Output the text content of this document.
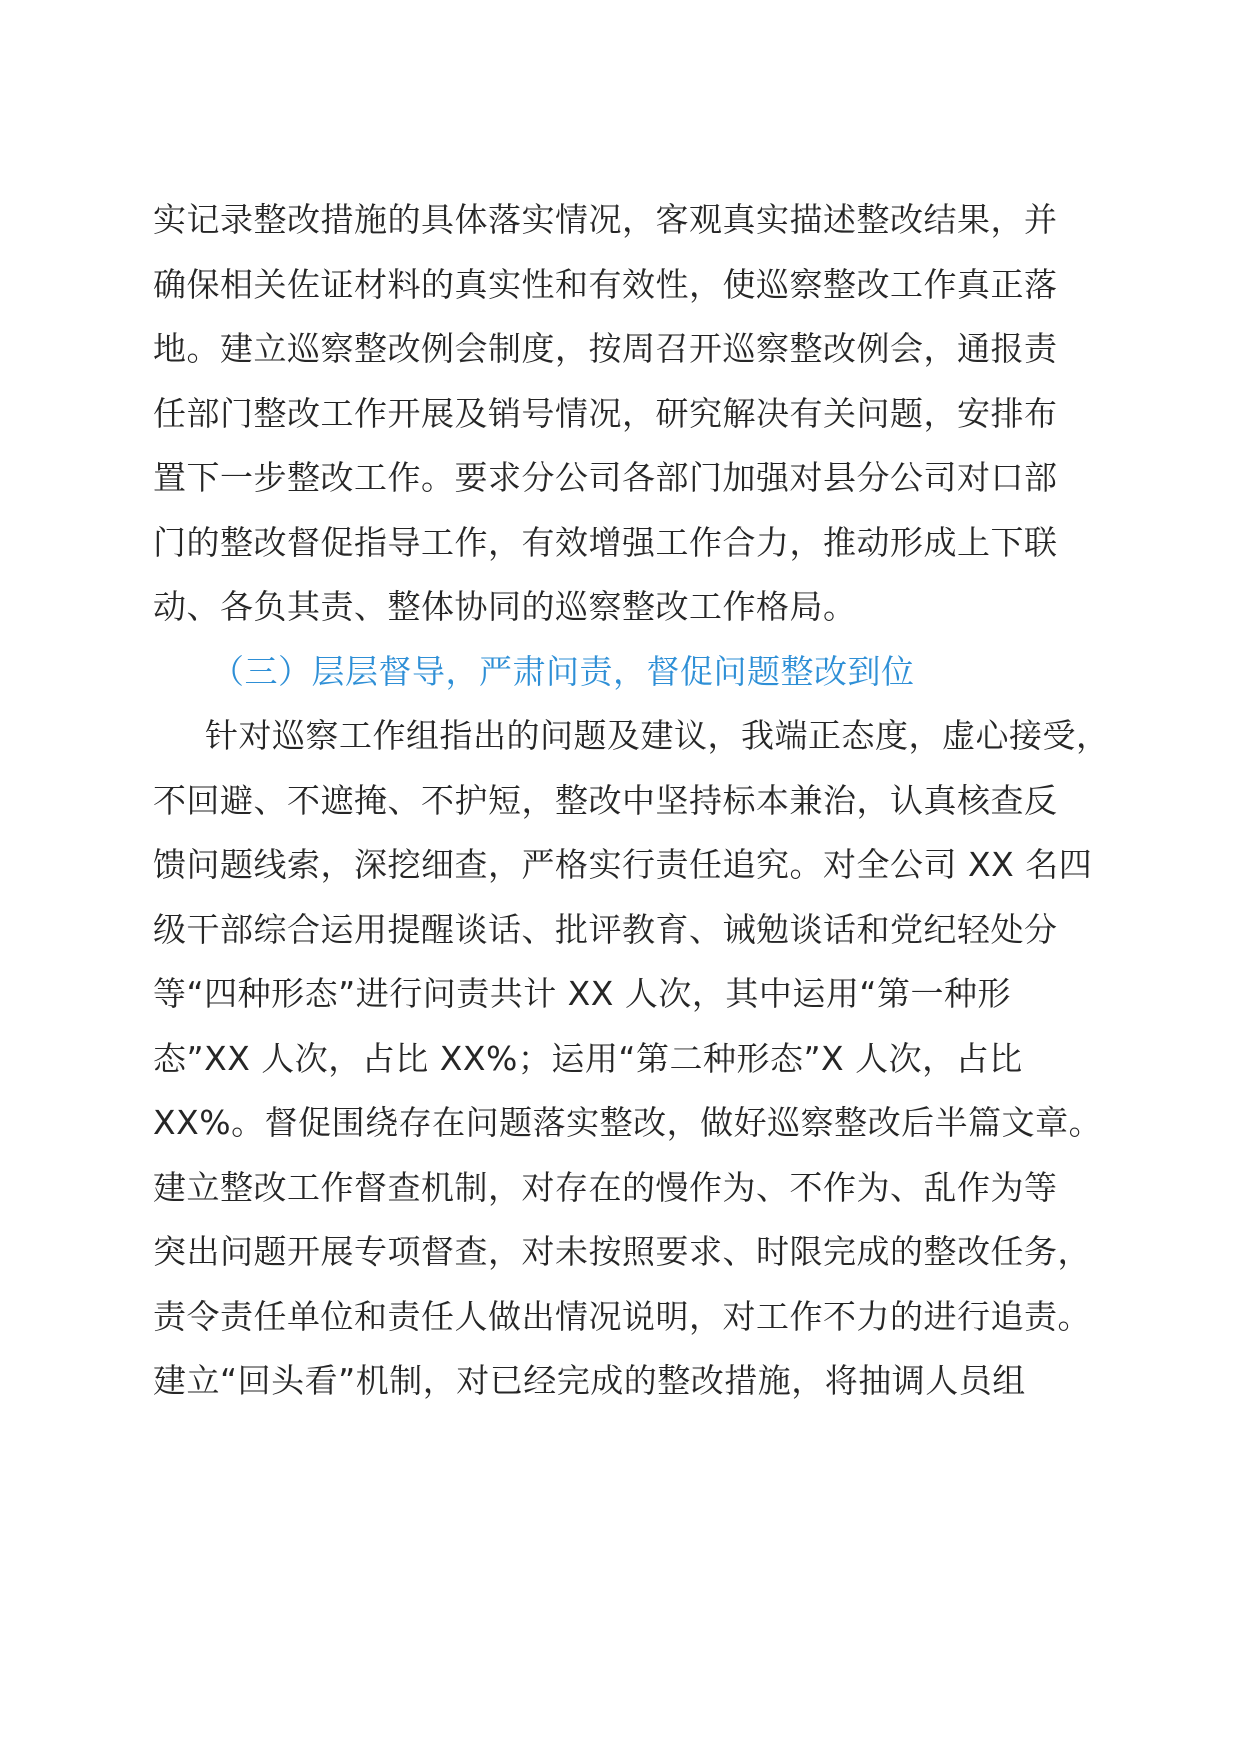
实记录整改措施的具体落实情况，客观真实描述整改结果，并
确保相关佐证材料的真实性和有效性，使巡察整改工作真正落
地。建立巡察整改例会制度，按周召开巡察整改例会，通报责
任部门整改工作开展及销号情况，研究解决有关问题，安排布
置下一步整改工作。要求分公司各部门加强对县分公司对口部
门的整改督促指导工作，有效增强工作合力，推动形成上下联
动、各负其责、整体协同的巡察整改工作格局。
（三）层层督导，严肃问责，督促问题整改到位
针对巡察工作组指出的问题及建议，我端正态度，虚心接受，
不回避、不遮掩、不护短，整改中坚持标本兼治，认真核查反
馈问题线索，深挖细查，严格实行责任追究。对全公司 XX 名四
级干部综合运用提醒谈话、批评教育、诫勉谈话和党纪轻处分
等“四种形态”进行问责共计 XX 人次，其中运用“第一种形
态”XX 人次，占比 XX%；运用“第二种形态”X 人次，占比
XX%。督促围绕存在问题落实整改，做好巡察整改后半篇文章。
建立整改工作督查机制，对存在的慢作为、不作为、乱作为等
突出问题开展专项督查，对未按照要求、时限完成的整改任务，
责令责任单位和责任人做出情况说明，对工作不力的进行追责。
建立“回头看”机制，对已经完成的整改措施，将抽调人员组
